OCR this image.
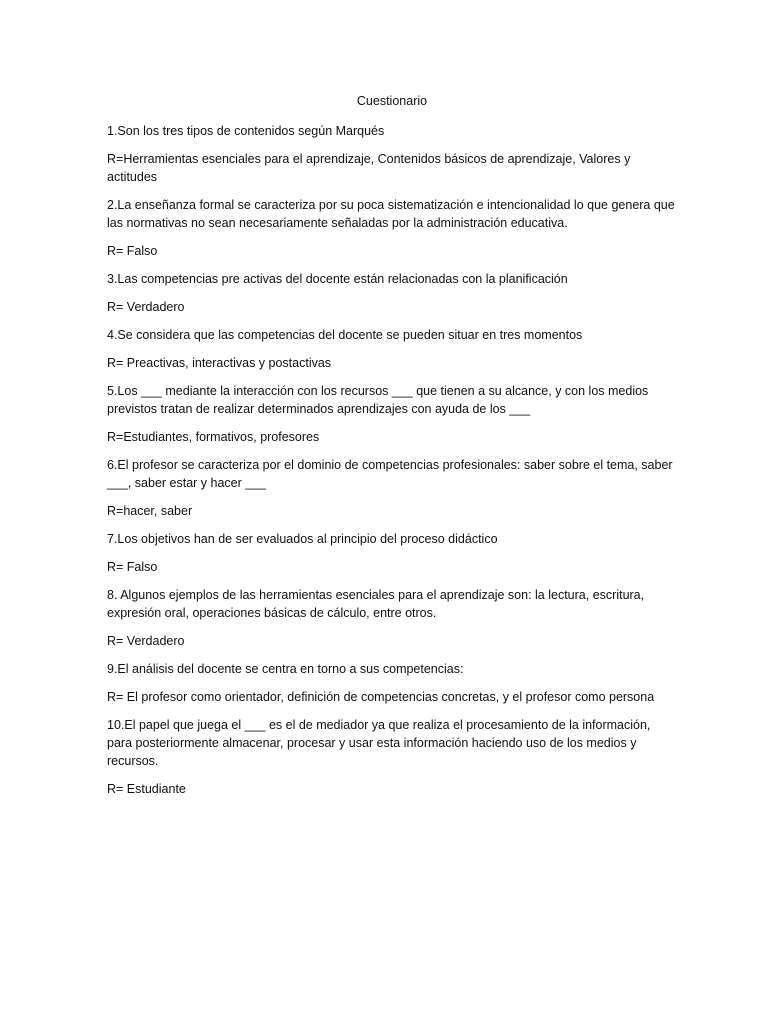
Cuestionario

1.Son los tres tipos de contenidos según Marqués

R=Herramientas esenciales para el aprendizaje, Contenidos básicos de aprendizaje, Valores y actitudes

2.La enseñanza formal se caracteriza por su poca sistematización e intencionalidad lo que genera que las normativas no sean necesariamente señaladas por la administración educativa.

R= Falso

3.Las competencias pre activas del docente están relacionadas con la planificación

R= Verdadero

4.Se considera que las competencias del docente se pueden situar en tres momentos

R= Preactivas, interactivas y postactivas

5.Los ___ mediante la interacción con los recursos ___ que tienen a su alcance, y con los medios previstos tratan de realizar determinados aprendizajes con ayuda de los ___

R=Estudiantes, formativos, profesores

6.El profesor se caracteriza por el dominio de competencias profesionales: saber sobre el tema, saber ___, saber estar y hacer ___

R=hacer, saber

7.Los objetivos han de ser evaluados al principio del proceso didáctico

R= Falso

8. Algunos ejemplos de las herramientas esenciales para el aprendizaje son: la lectura, escritura, expresión oral, operaciones básicas de cálculo, entre otros.

R= Verdadero

9.El análisis del docente se centra en torno a sus competencias:

R= El profesor como orientador, definición de competencias concretas, y el profesor como persona

10.El papel que juega el ___ es el de mediador ya que realiza el procesamiento de la información, para posteriormente almacenar, procesar y usar esta información haciendo uso de los medios y recursos.

R= Estudiante
